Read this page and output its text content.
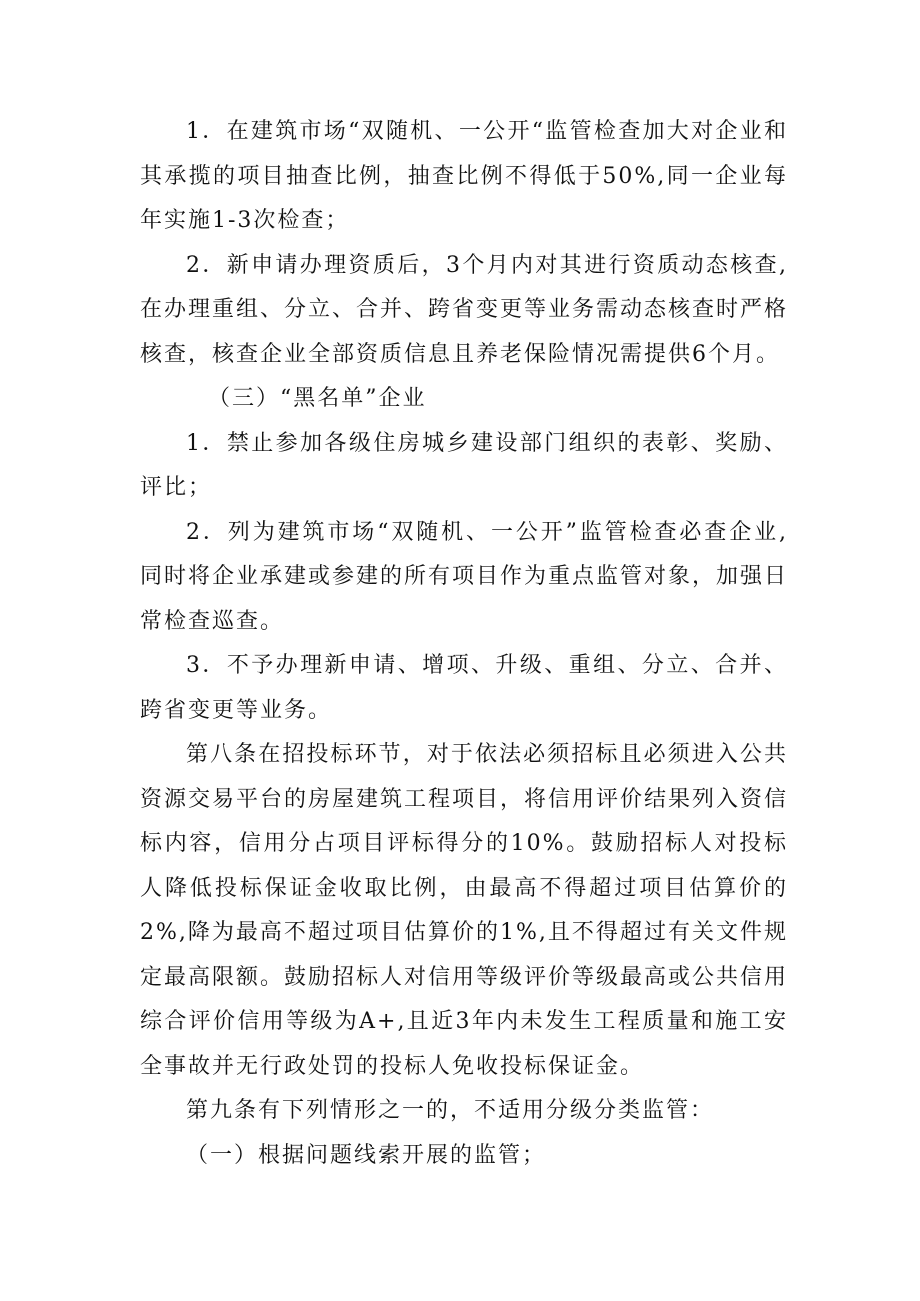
1．在建筑市场“双随机、一公开“监管检查加大对企业和其承揽的项目抽查比例，抽查比例不得低于50%,同一企业每年实施1-3次检查；

2．新申请办理资质后，3个月内对其进行资质动态核查,在办理重组、分立、合并、跨省变更等业务需动态核查时严格核查，核查企业全部资质信息且养老保险情况需提供6个月。

（三）“黑名单”企业

1．禁止参加各级住房城乡建设部门组织的表彰、奖励、评比；

2．列为建筑市场“双随机、一公开”监管检查必查企业,同时将企业承建或参建的所有项目作为重点监管对象，加强日常检查巡查。

3．不予办理新申请、增项、升级、重组、分立、合并、跨省变更等业务。

第八条在招投标环节，对于依法必须招标且必须进入公共资源交易平台的房屋建筑工程项目，将信用评价结果列入资信标内容，信用分占项目评标得分的10%。鼓励招标人对投标人降低投标保证金收取比例，由最高不得超过项目估算价的2%,降为最高不超过项目估算价的1%,且不得超过有关文件规定最高限额。鼓励招标人对信用等级评价等级最高或公共信用综合评价信用等级为A+,且近3年内未发生工程质量和施工安全事故并无行政处罚的投标人免收投标保证金。

第九条有下列情形之一的，不适用分级分类监管：

（一）根据问题线索开展的监管；
